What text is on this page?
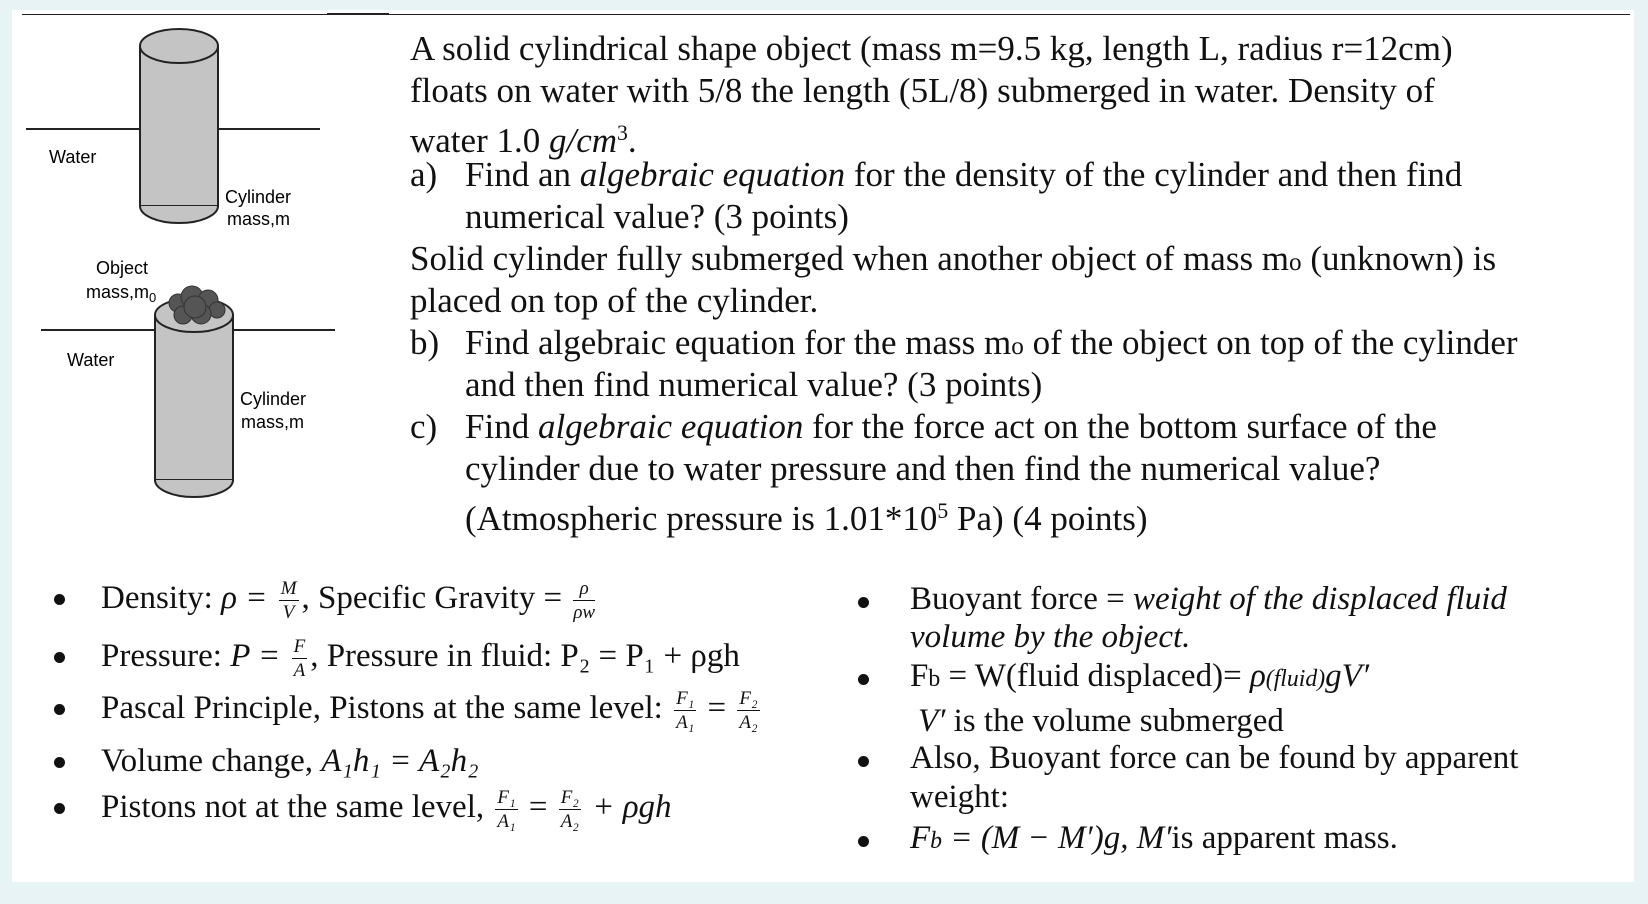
Water
Cylinder
mass,m
Object
$mass,m_0$
Water
Cylinder
mass,m
A solid cylindrical shape object (mass m=9.5 kg, length L, radius r=12cm)
floats on water with 5/8 the length (5L/8) submerged in water. Density of
water 1.0 $g/cm^3$.
a) Find an algebraic equation for the density of the cylinder and then find
numerical value? (3 points)
Solid cylinder fully submerged when another object of mass mo (unknown) is
placed on top of the cylinder.
b) Find algebraic equation for the mass mo of the object on top of the cylinder
and then find numerical value? (3 points)
c) Find algebraic equation for the force act on the bottom surface of the
cylinder due to water pressure and then find the numerical value?
(Atmospheric pressure is $1.01*10^5$ Pa) (4 points)
Density: $\rho = \frac{M}{V}$ , Specific Gravity = $\frac{\rho}{\rho w}$
Pressure: $P = \frac{F}{A}$ , Pressure in fluid: P₂ = P₁ + ρgh
Pascal Principle, Pistons at the same level: $\frac{\text{F₁}}{\text{A₁}} = \frac{\text{F₂}}{\text{A₂}}$
Volume change, A₁h₁ = A₂h₂
Pistons not at the same level, $\frac{\text{F₁}}{\text{A₁}} = \frac{\text{F₂}}{\text{A₂}} + \rho gh$
Buoyant force = weight of the displaced fluid
volume by the object.
Fb = W(fluid displaced)= ρ(fluid)gV′
V′ is the volume submerged
Also, Buoyant force can be found by apparent
weight:
Fb = (M − M′)g, M′is apparent mass.
